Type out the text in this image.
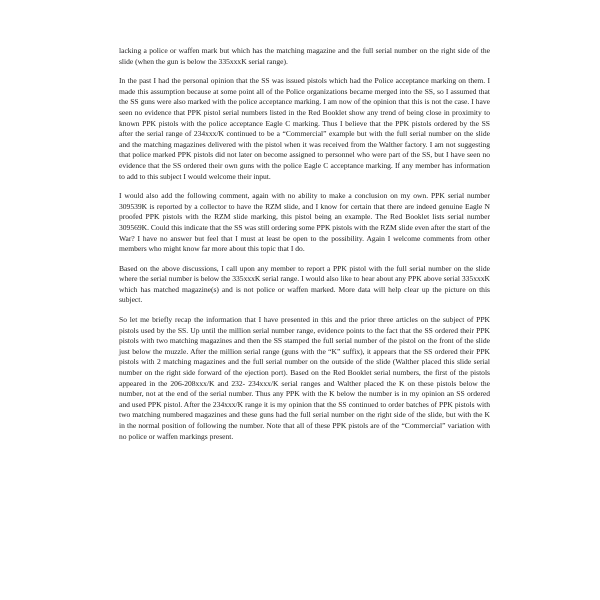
lacking a police or waffen mark but which has the matching magazine and the full serial number on the right side of the slide (when the gun is below the 335xxxK serial range).

In the past I had the personal opinion that the SS was issued pistols which had the Police acceptance marking on them. I made this assumption because at some point all of the Police organizations became merged into the SS, so I assumed that the SS guns were also marked with the police acceptance marking. I am now of the opinion that this is not the case. I have seen no evidence that PPK pistol serial numbers listed in the Red Booklet show any trend of being close in proximity to known PPK pistols with the police acceptance Eagle C marking. Thus I believe that the PPK pistols ordered by the SS after the serial range of 234xxx/K continued to be a “Commercial” example but with the full serial number on the slide and the matching magazines delivered with the pistol when it was received from the Walther factory. I am not suggesting that police marked PPK pistols did not later on become assigned to personnel who were part of the SS, but I have seen no evidence that the SS ordered their own guns with the police Eagle C acceptance marking. If any member has information to add to this subject I would welcome their input.

I would also add the following comment, again with no ability to make a conclusion on my own. PPK serial number 309539K is reported by a collector to have the RZM slide, and I know for certain that there are indeed genuine Eagle N proofed PPK pistols with the RZM slide marking, this pistol being an example. The Red Booklet lists serial number 309569K. Could this indicate that the SS was still ordering some PPK pistols with the RZM slide even after the start of the War? I have no answer but feel that I must at least be open to the possibility. Again I welcome comments from other members who might know far more about this topic that I do.

Based on the above discussions, I call upon any member to report a PPK pistol with the full serial number on the slide where the serial number is below the 335xxxK serial range. I would also like to hear about any PPK above serial 335xxxK which has matched magazine(s) and is not police or waffen marked. More data will help clear up the picture on this subject.

So let me briefly recap the information that I have presented in this and the prior three articles on the subject of PPK pistols used by the SS. Up until the million serial number range, evidence points to the fact that the SS ordered their PPK pistols with two matching magazines and then the SS stamped the full serial number of the pistol on the front of the slide just below the muzzle. After the million serial range (guns with the “K” suffix), it appears that the SS ordered their PPK pistols with 2 matching magazines and the full serial number on the outside of the slide (Walther placed this slide serial number on the right side forward of the ejection port). Based on the Red Booklet serial numbers, the first of the pistols appeared in the 206-208xxx/K and 232- 234xxx/K serial ranges and Walther placed the K on these pistols below the number, not at the end of the serial number. Thus any PPK with the K below the number is in my opinion an SS ordered and used PPK pistol. After the 234xxx/K range it is my opinion that the SS continued to order batches of PPK pistols with two matching numbered magazines and these guns had the full serial number on the right side of the slide, but with the K in the normal position of following the number. Note that all of these PPK pistols are of the “Commercial” variation with no police or waffen markings present.
